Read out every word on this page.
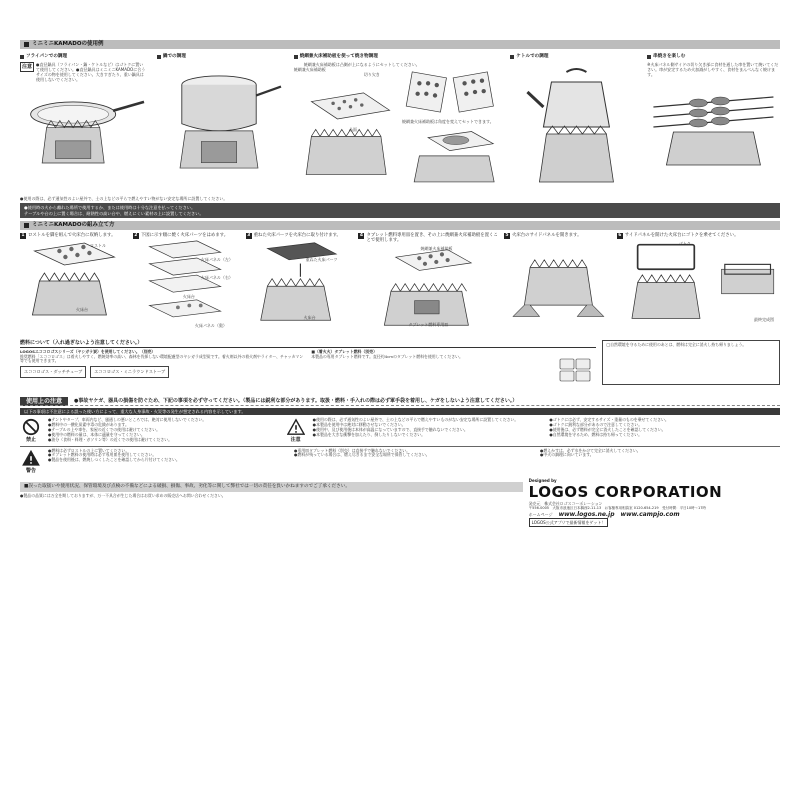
ミニミニKAMADOの使用例
フライパンでの調理
注意	●直径鍋具（フライパン・鍋・ケトルなど）はゴトクに置いて使用してください。●直径鍋具はミニミニKAMADOに合うサイズの物を使用してください。大きすぎたり、重い鍋具は使用しないでください。
鍋での調理	焼網兼火床補助板を使って焼き物調理
焼網兼火床補助板は凸側が上になるようにセットしてください。
焼網兼火床補助板
切り欠き
凸面
焼網兼火床補助板は角度を変えてセットできます。
ケトルでの調理	串焼きを楽しむ
※火床パネル側サイドの切り欠き部に食材を通した串を置いて焼いてください。串が安定するため火加減がしやすく、食材をまんべんなく焼けます。
●使用の際は、必ず通気性のよい屋外で、土の上などの平らで燃えやすい物がない安定な場所に設置してください。
●使用時の火から離れた場所で使用するか、または使用時は十分な注意を払ってください。
テーブルや台の上に置く場合は、耐熱性の高い台や、燃えにくい素材の上に設置してください。
ミニミニKAMADOの組み立て方
1 ロストルを脚を組んで火床台に収納します。
ロストル
火床台
2 下図に示す順に焼く火床パーツをはめます。
火床パネル（左）
火床パネル（右）
火床台
火床パネル（奥）
3 重ねた火床パーツを火床台に取り付けます。
重ねた火床パーツ
火床台
4 タブレット燃料専用皿を置き、その上に焼網兼火床補助板を置くことで使用します。
焼網兼火床補助板
タブレット燃料専用皿
5 火床台のサイドパネルを開きます。	6 サイドパネルを開けた火床台にゴトクを乗せてください。
ゴトク
最終完成図
燃料について（入れ過ぎないよう注意してください。）
LOGOSエココロゴスシリーズ（ヤシガラ炭）を使用してください。（別売）
推奨燃料「エココロゴス」は着火しやすく、燃焼効率の高い、森林を伐採しない環境配慮型のヤシガラ成型炭です。着火剤以外の着火剤やライター、チャッカマン等でも使用できます。
エココロゴス・ダッチチューブ	エココロゴス・ミニラウンドストーブ
■（着火火）タブレット燃料（別売）
本製品の専用タブレット燃料です。直径約4cmのタブレット燃料を使用してください。
□自然環境を守るために使用のあとは、燃料は完全に消火し持ち帰りましょう。
使用上の注意	●事故ヤケガ、器具の損傷を防ぐため、下記の事項を必ず守ってください。（製品には鋭利な部分があります。取扱・燃料・手入れの際は必ず軍手袋を着用し、ケガをしないよう注意してください。）
以下の事項は不注意による誤った使い方によって、重大な人身事故・火災等の発生が想定される内容を示しています。
禁止
●テントやタープ、車両内など、風通しの悪いところでは、絶対に使用しないでください。
●燃料中の一酸化炭素中毒の危険があります。
●テーブルの上や車を、家屋の近くでの使用は避けてください。
●使用中の燃料の量は、本体に適量を守ってください。
●油分（食料・料理・ガソリン等）の近くでの使用は避けてください。	注意
●使用の際は、必ず通気性のよい屋外で、土の上などの平らで燃えやすいものがない安定な場所に設置してください。
●本製品を使用中は絶対に移動させないでください。
●使用中、及び使用後は本体が高温になっていますので、直接手で触れないでください。
●本製品を大きな衝撃を加えたり、倒したりしないでください。
●ゴトクには必ず、安定するサイズ・重量のものを乗せてください。
●ゴトクに鋭利な部分があるので注意してください。
●使用後は、必ず燃料が完全に消火したことを確認してください。
●自然環境を守るため、燃料は持ち帰ってください。
警告
●燃料は必ずロストルの上に置いてください。
●タブレット燃料の使用時は必ず専用皿を使用してください。
●製品を使用後は、燃焼しつくしたことを確認してから片付けてください。
●専用皿タブレット燃料（別売）は直接手で触れないでください。
●燃料が残っている場合は、燃え尽きるまで安全な場所で保管してください。
●燃えかすは、必ず水をかけて完全に消火してください。
●中火の調理に向いています。
■誤った取扱いや使用状況、保管環境及び点検の不備などによる破損、損傷、事故、劣化等に関して弊社では一切の責任を負いかねますのでご了承ください。
●製品の品質には万全を期しておりますが、万一不具合が生じた場合はお買い求めの販売店へお問い合わせください。
Designed by
LOGOS CORPORATION
発売元　株式会社ロゴスコーポレーション
〒556-0005　大阪市浪速区日本橋西2-11-13　お客様専用相談室 0120-654-219　受付時間：平日10時〜17時
ホームページ www.logos.ne.jp www.campjo.com
LOGOS公式アプリで最新情報をゲット！
